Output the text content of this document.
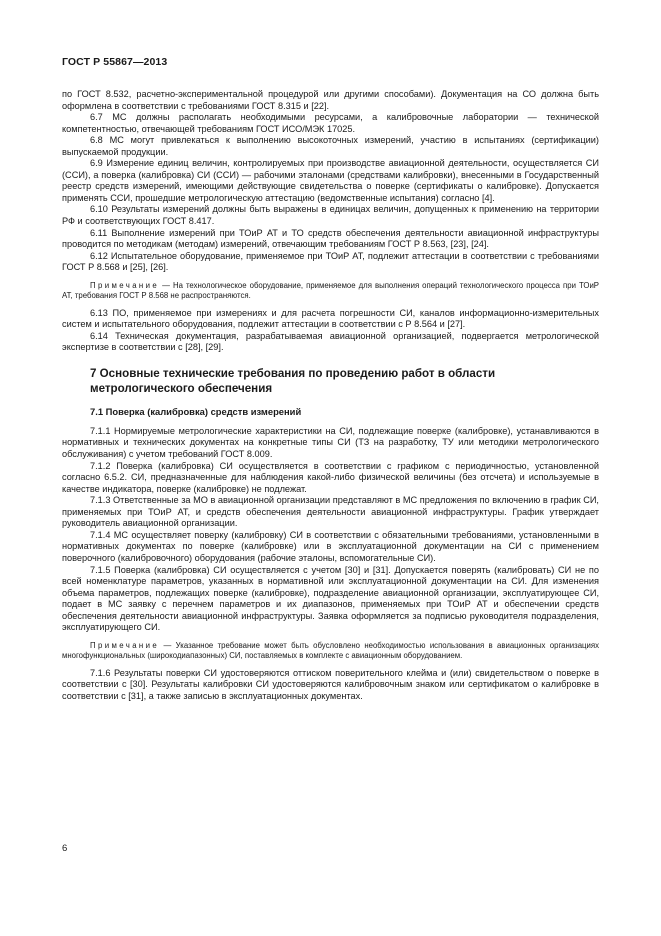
ГОСТ Р 55867—2013
по ГОСТ 8.532, расчетно-экспериментальной процедурой или другими способами). Документация на СО должна быть оформлена в соответствии с требованиями ГОСТ 8.315 и [22].
6.7 МС должны располагать необходимыми ресурсами, а калибровочные лаборатории — технической компетентностью, отвечающей требованиям ГОСТ ИСО/МЭК 17025.
6.8 МС могут привлекаться к выполнению высокоточных измерений, участию в испытаниях (сертификации) выпускаемой продукции.
6.9 Измерение единиц величин, контролируемых при производстве авиационной деятельности, осуществляется СИ (ССИ), а поверка (калибровка) СИ (ССИ) — рабочими эталонами (средствами калибровки), внесенными в Государственный реестр средств измерений, имеющими действующие свидетельства о поверке (сертификаты о калибровке). Допускается применять ССИ, прошедшие метрологическую аттестацию (ведомственные испытания) согласно [4].
6.10 Результаты измерений должны быть выражены в единицах величин, допущенных к применению на территории РФ и соответствующих ГОСТ 8.417.
6.11 Выполнение измерений при ТОиР АТ и ТО средств обеспечения деятельности авиационной инфраструктуры проводится по методикам (методам) измерений, отвечающим требованиям ГОСТ Р 8.563, [23], [24].
6.12 Испытательное оборудование, применяемое при ТОиР АТ, подлежит аттестации в соответствии с требованиями ГОСТ Р 8.568 и [25], [26].
Примечание — На технологическое оборудование, применяемое для выполнения операций технологического процесса при ТОиР АТ, требования ГОСТ Р 8.568 не распространяются.
6.13 ПО, применяемое при измерениях и для расчета погрешности СИ, каналов информационно-измерительных систем и испытательного оборудования, подлежит аттестации в соответствии с Р 8.564 и [27].
6.14 Техническая документация, разрабатываемая авиационной организацией, подвергается метрологической экспертизе в соответствии с [28], [29].
7 Основные технические требования по проведению работ в области метрологического обеспечения
7.1 Поверка (калибровка) средств измерений
7.1.1 Нормируемые метрологические характеристики на СИ, подлежащие поверке (калибровке), устанавливаются в нормативных и технических документах на конкретные типы СИ (ТЗ на разработку, ТУ или методики метрологического обслуживания) с учетом требований ГОСТ 8.009.
7.1.2 Поверка (калибровка) СИ осуществляется в соответствии с графиком с периодичностью, установленной согласно 6.5.2. СИ, предназначенные для наблюдения какой-либо физической величины (без отсчета) и используемые в качестве индикатора, поверке (калибровке) не подлежат.
7.1.3 Ответственные за МО в авиационной организации представляют в МС предложения по включению в график СИ, применяемых при ТОиР АТ, и средств обеспечения деятельности авиационной инфраструктуры. График утверждает руководитель авиационной организации.
7.1.4 МС осуществляет поверку (калибровку) СИ в соответствии с обязательными требованиями, установленными в нормативных документах по поверке (калибровке) или в эксплуатационной документации на СИ с применением поверочного (калибровочного) оборудования (рабочие эталоны, вспомогательные СИ).
7.1.5 Поверка (калибровка) СИ осуществляется с учетом [30] и [31]. Допускается поверять (калибровать) СИ не по всей номенклатуре параметров, указанных в нормативной или эксплуатационной документации на СИ. Для изменения объема параметров, подлежащих поверке (калибровке), подразделение авиационной организации, эксплуатирующее СИ, подает в МС заявку с перечнем параметров и их диапазонов, применяемых при ТОиР АТ и обеспечении средств обеспечения деятельности авиационной инфраструктуры. Заявка оформляется за подписью руководителя подразделения, эксплуатирующего СИ.
Примечание — Указанное требование может быть обусловлено необходимостью использования в авиационных организациях многофункциональных (широкодиапазонных) СИ, поставляемых в комплекте с авиационным оборудованием.
7.1.6 Результаты поверки СИ удостоверяются оттиском поверительного клейма и (или) свидетельством о поверке в соответствии с [30]. Результаты калибровки СИ удостоверяются калибровочным знаком или сертификатом о калибровке в соответствии с [31], а также записью в эксплуатационных документах.
6
